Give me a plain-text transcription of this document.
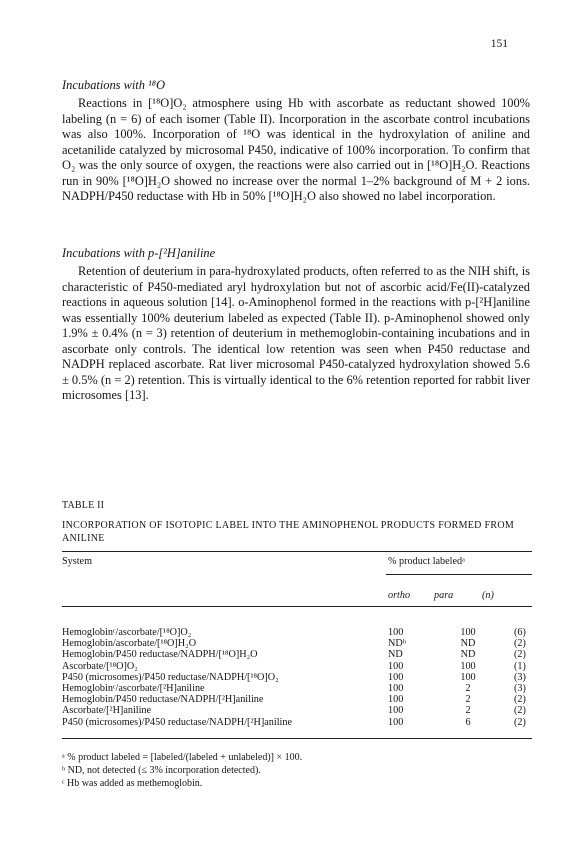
151
Incubations with ¹⁸O
Reactions in [¹⁸O]O₂ atmosphere using Hb with ascorbate as reductant showed 100% labeling (n = 6) of each isomer (Table II). Incorporation in the ascorbate control incubations was also 100%. Incorporation of ¹⁸O was identical in the hydroxylation of aniline and acetanilide catalyzed by microsomal P450, indicative of 100% incorporation. To confirm that O₂ was the only source of oxygen, the reactions were also carried out in [¹⁸O]H₂O. Reactions run in 90% [¹⁸O]H₂O showed no increase over the normal 1–2% background of M + 2 ions. NADPH/P450 reductase with Hb in 50% [¹⁸O]H₂O also showed no label incorporation.
Incubations with p-[²H]aniline
Retention of deuterium in para-hydroxylated products, often referred to as the NIH shift, is characteristic of P450-mediated aryl hydroxylation but not of ascorbic acid/Fe(II)-catalyzed reactions in aqueous solution [14]. o-Aminophenol formed in the reactions with p-[²H]aniline was essentially 100% deuterium labeled as expected (Table II). p-Aminophenol showed only 1.9% ± 0.4% (n = 3) retention of deuterium in methemoglobin-containing incubations and in ascorbate only controls. The identical low retention was seen when P450 reductase and NADPH replaced ascorbate. Rat liver microsomal P450-catalyzed hydroxylation showed 5.6 ± 0.5% (n = 2) retention. This is virtually identical to the 6% retention reported for rabbit liver microsomes [13].
TABLE II
INCORPORATION OF ISOTOPIC LABEL INTO THE AMINOPHENOL PRODUCTS FORMED FROM ANILINE
System	% product labeledᵃ
ortho para	(n)
Hemoglobinᶜ/ascorbate/[¹⁸O]O₂	100	100	(6)
Hemoglobin/ascorbate/[¹⁸O]H₂O	NDᵇ	ND	(2)
Hemoglobin/P450 reductase/NADPH/[¹⁸O]H₂O	ND	ND	(2)
Ascorbate/[¹⁸O]O₂	100	100	(1)
P450 (microsomes)/P450 reductase/NADPH/[¹⁸O]O₂	100	100	(3)
Hemoglobinᶜ/ascorbate/[²H]aniline	100	2	(3)
Hemoglobin/P450 reductase/NADPH/[²H]aniline	100	2	(2)
Ascorbate/[²H]aniline	100	2	(2)
P450 (microsomes)/P450 reductase/NADPH/[²H]aniline	100	6	(2)
ᵃ % product labeled = [labeled/(labeled + unlabeled)] × 100.
ᵇ ND, not detected (≤ 3% incorporation detected).
ᶜ Hb was added as methemoglobin.
